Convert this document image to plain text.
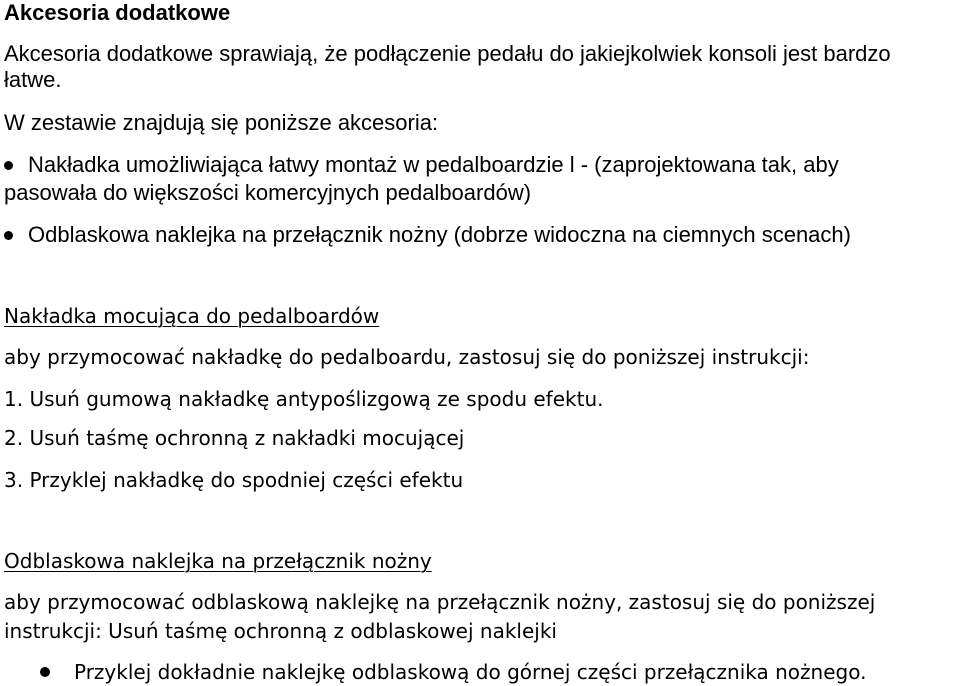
Akcesoria dodatkowe
Akcesoria dodatkowe sprawiają, że podłączenie pedału do jakiejkolwiek konsoli jest bardzo
łatwe.
W zestawie znajdują się poniższe akcesoria:
Nakładka umożliwiająca łatwy montaż w pedalboardzie l - (zaprojektowana tak, aby
pasowała do większości komercyjnych pedalboardów)
Odblaskowa naklejka na przełącznik nożny (dobrze widoczna na ciemnych scenach)
Nakładka mocująca do pedalboardów
aby przymocować nakładkę do pedalboardu, zastosuj się do poniższej instrukcji:
1. Usuń gumową nakładkę antypoślizgową ze spodu efektu.
2. Usuń taśmę ochronną z nakładki mocującej
3. Przyklej nakładkę do spodniej części efektu
Odblaskowa naklejka na przełącznik nożny
aby przymocować odblaskową naklejkę na przełącznik nożny, zastosuj się do poniższej
instrukcji: Usuń taśmę ochronną z odblaskowej naklejki
Przyklej dokładnie naklejkę odblaskową do górnej części przełącznika nożnego.
